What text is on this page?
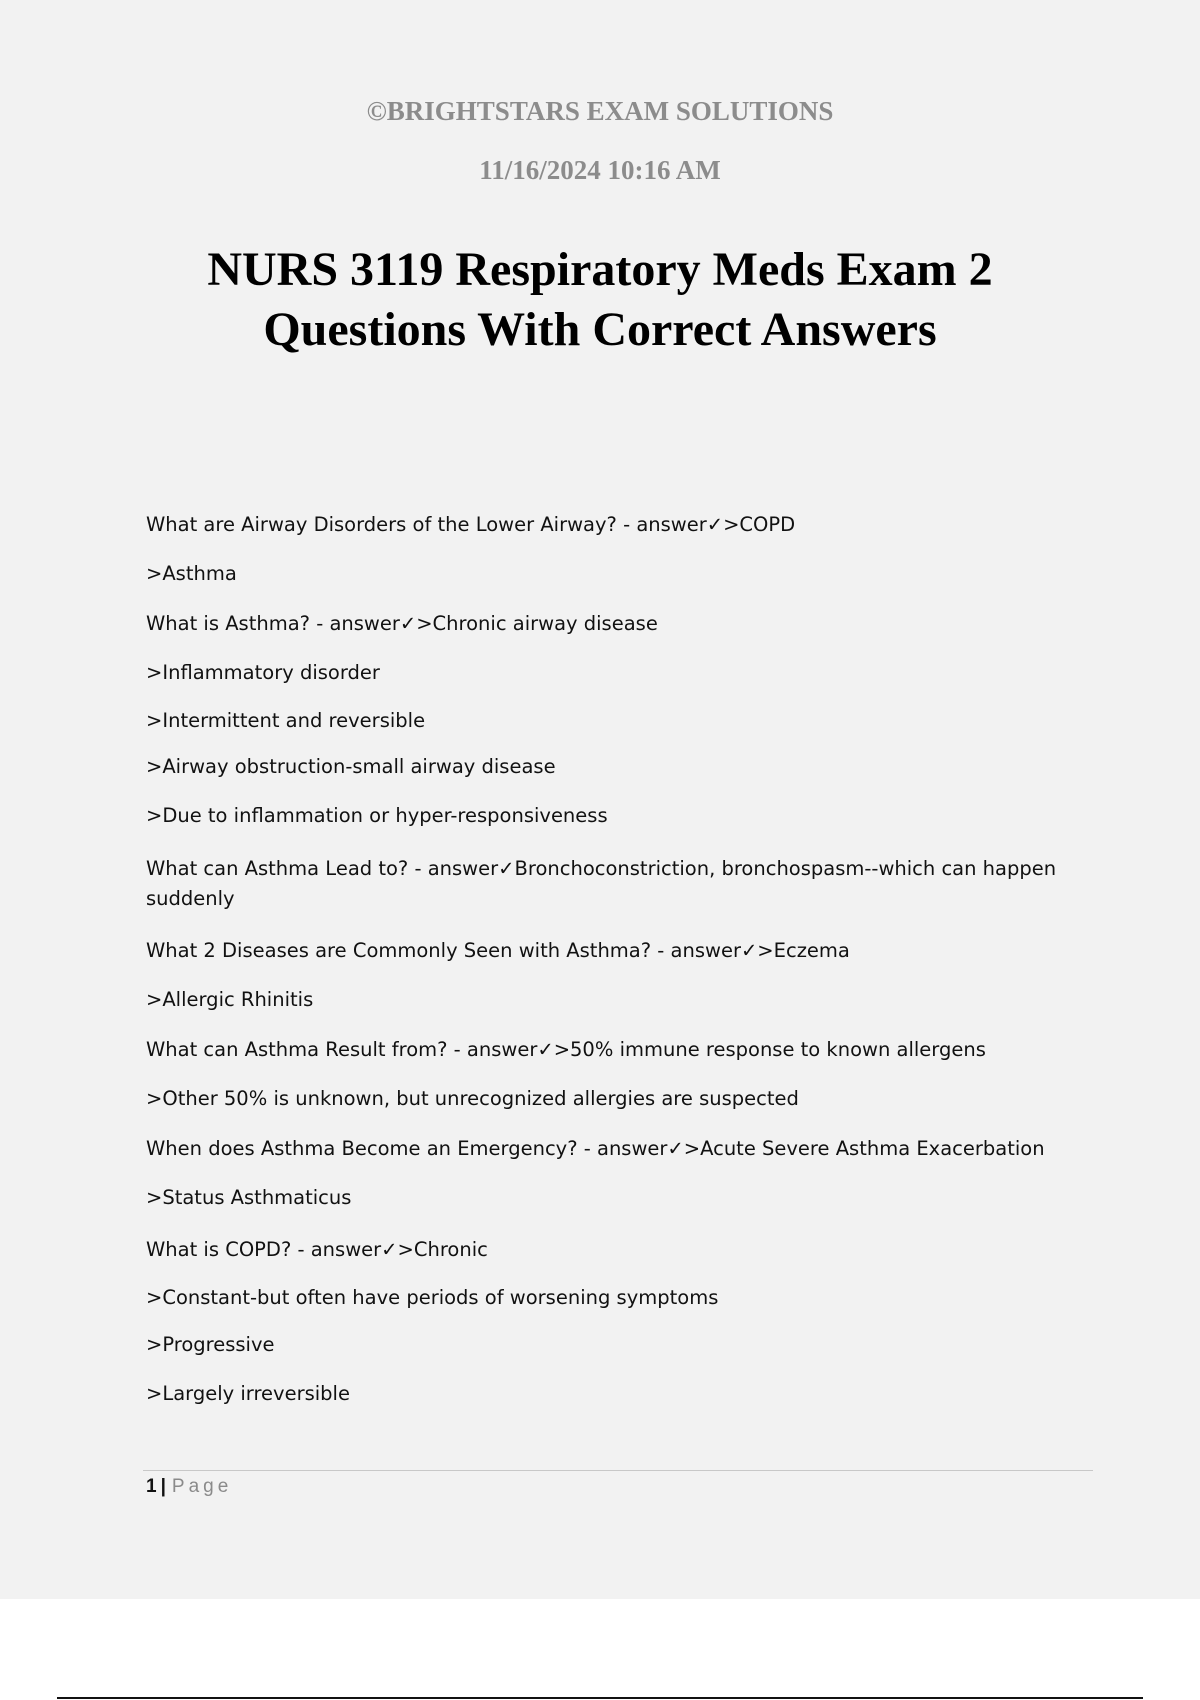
©BRIGHTSTARS EXAM SOLUTIONS
11/16/2024 10:16 AM
NURS 3119 Respiratory Meds Exam 2
Questions With Correct Answers
What are Airway Disorders of the Lower Airway? - answer✓>COPD
>Asthma
What is Asthma? - answer✓>Chronic airway disease
>Inflammatory disorder
>Intermittent and reversible
>Airway obstruction-small airway disease
>Due to inflammation or hyper-responsiveness
What can Asthma Lead to? - answer✓Bronchoconstriction, bronchospasm--which can happen suddenly
What 2 Diseases are Commonly Seen with Asthma? - answer✓>Eczema
>Allergic Rhinitis
What can Asthma Result from? - answer✓>50% immune response to known allergens
>Other 50% is unknown, but unrecognized allergies are suspected
When does Asthma Become an Emergency? - answer✓>Acute Severe Asthma Exacerbation
>Status Asthmaticus
What is COPD? - answer✓>Chronic
>Constant-but often have periods of worsening symptoms
>Progressive
>Largely irreversible
1 | Page
